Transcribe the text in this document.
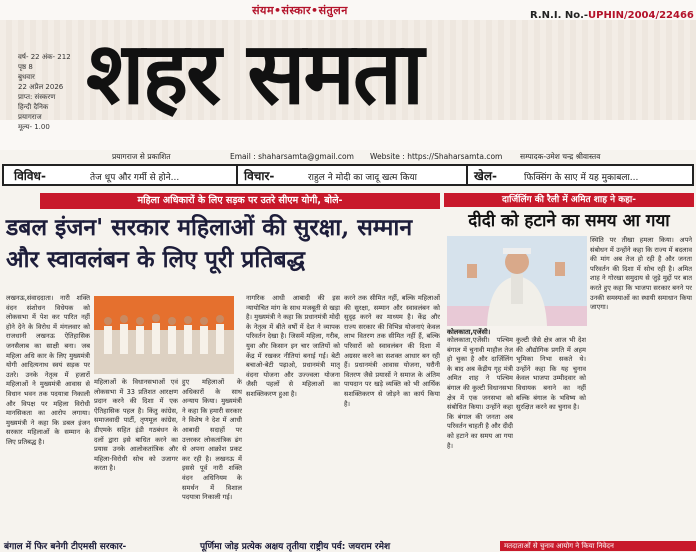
संयम•संस्कार•संतुलन	R.N.I. No.-UPHIN/2004/22466
शहर समता
वर्ष- 22 अंक- 212
पृष्ठ 8
बुधवार
22 अप्रैल 2026
प्राप्त: संस्करण
हिन्दी दैनिक
प्रयागराज
मूल्य- 1.00
प्रयागराज से प्रकाशित	Email : shaharsamta@gmail.com Website : https://Shaharsamta.com सम्पादक-उमेश चन्द्र श्रीवास्तव
विविध-	तेज धूप और गर्मी से होने...	विचार-	राहुल ने मोदी का जादू खत्म किया	खेल-	फिक्सिंग के साए में यह मुकाबला...
महिला अधिकारों के लिए सड़क पर उतरे सीएम योगी, बोले-
डबल इंजन' सरकार महिलाओं की सुरक्षा, सम्मान और स्वावलंबन के लिए पूरी प्रतिबद्ध
दार्जिलिंग की रैली में अमित शाह ने कहा-
दीदी को हटाने का समय आ गया
कोलकाता,एजेंसी।
लखनऊ,संवाददाता। नारी शक्ति वंदन संशोधन विधेयक को लोकसभा में पेश कर पारित नहीं होने देने के विरोध में मंगलवार को राजधानी लखनऊ ऐतिहासिक जनसैलाब का साक्षी बना। जब महिला अधि कार के लिए मुख्यमंत्री योगी आदित्यनाथ स्वयं सड़क पर उतरे। उनके नेतृत्व में हजारों महिलाओं ने मुख्यमंत्री आवास से विधान भवन तक पदयात्रा निकाली और विपक्ष पर महिला विरोधी मानसिकता का आरोप लगाया। मुख्यमंत्री ने कहा कि डबल इंजन सरकार महिलाओं के सम्मान के लिए प्रतिबद्ध है।
महिलाओं के विधानसभाओं एवं लोकसभा में 33 प्रतिशत आरक्षण प्रदान करने की दिशा में एक ऐतिहासिक पहल है। किंतु कांग्रेस, समाजवादी पार्टी, तृणमूल कांग्रेस, डीएमके सहित इंडी गठबंधन के दलों द्वारा इसे बाधित करने का प्रयास उनके आलोकतांत्रिक और महिला-विरोधी सोच को उजागर करता है।
हुए महिलाओं के अधिकारों के साथ अन्याय किया। मुख्यमंत्री ने कहा कि हमारी सरकार ने विशेष ने देश में आधी आबादी सदाहों पर उत्तरकर लोकतांत्रिक ढंग से अपना आक्रोश प्रकट कर रही है। लखनऊ में इससे पूर्व नारी शक्ति वंदन अधिनियम के समर्थन में विशाल पदयात्रा निकाली गई।
नागरिक आधी आबादी की इस न्यायोचित मांग के साथ मजबूती से खड़ा है। मुख्यमंत्री ने कहा कि प्रधानमंत्री मोदी के नेतृत्व में बीते वर्षों में देश ने व्यापक परिवर्तन देखा है। जिसमें महिला, गरीब, युवा और किसान इन चार जातियों को केंद्र में रखकर नीतियां बनाई गईं। बेटी बचाओ-बेटी पढ़ाओ, प्रधानमंत्री मातृ वंदना योजना और उज्ज्वला योजना जैसी पहलों से महिलाओं का सशक्तिकरण हुआ है।
करने तक सीमित नहीं, बल्कि महिलाओं की सुरक्षा, सम्मान और स्वावलंबन को सुदृढ़ करने का माध्यम है। केंद्र और राज्य सरकार की विभिन्न योजनाएं केवल लाभ वितरण तक सीमित नहीं हैं, बल्कि परिवारों को स्वावलंबन की दिशा में अग्रसर करने का सशक्त आधार बन रही हैं। प्रधानमंत्री आवास योजना, घरौनी वितरण जैसे प्रयासों ने समाज के अंतिम पायदान पर खड़े व्यक्ति को भी आर्थिक सशक्तिकरण से जोड़ने का कार्य किया है।
कोलकाता,एजेंसी। पश्चिम बंगाल में चुनावी माहौल तेज हो चुका है और दार्जिलिंग के बाद अब केंद्रीय गृह मंत्री अमित शाह ने पश्चिम बंगाल की कुल्टी विधानसभा क्षेत्र में एक जनसभा को संबोधित किया। उन्होंने कहा कि बंगाल की जनता अब परिवर्तन चाहती है और दीदी को हटाने का समय आ गया है।
कुल्टी जैसे क्षेत्र आज भी देश की औद्योगिक प्रगति में अहम भूमिका निभा सकते थे। उन्होंने कहा कि यह चुनाव केवल भाजपा उम्मीदवार को विधायक बनाने का नहीं बल्कि बंगाल के भविष्य को सुरक्षित करने का चुनाव है।
स्थिति पर तीखा हमला किया। अपने संबोधन में उन्होंने कहा कि राज्य में बदलाव की मांग अब तेज हो रही है और जनता परिवर्तन की दिशा में सोच रही है। अमित शाह ने गोरखा समुदाय से जुड़े मुद्दों पर बात करते हुए कहा कि भाजपा सरकार बनने पर उनकी समस्याओं का स्थायी समाधान किया जाएगा।
बंगाल में फिर बनेगी टीएमसी सरकार-	पूर्णिमा जोड़ प्रत्येक अक्षय तृतीया राष्ट्रीय पर्व: जयराम रमेश	मतदाताओं से चुनाव आयोग ने किया निवेदन
